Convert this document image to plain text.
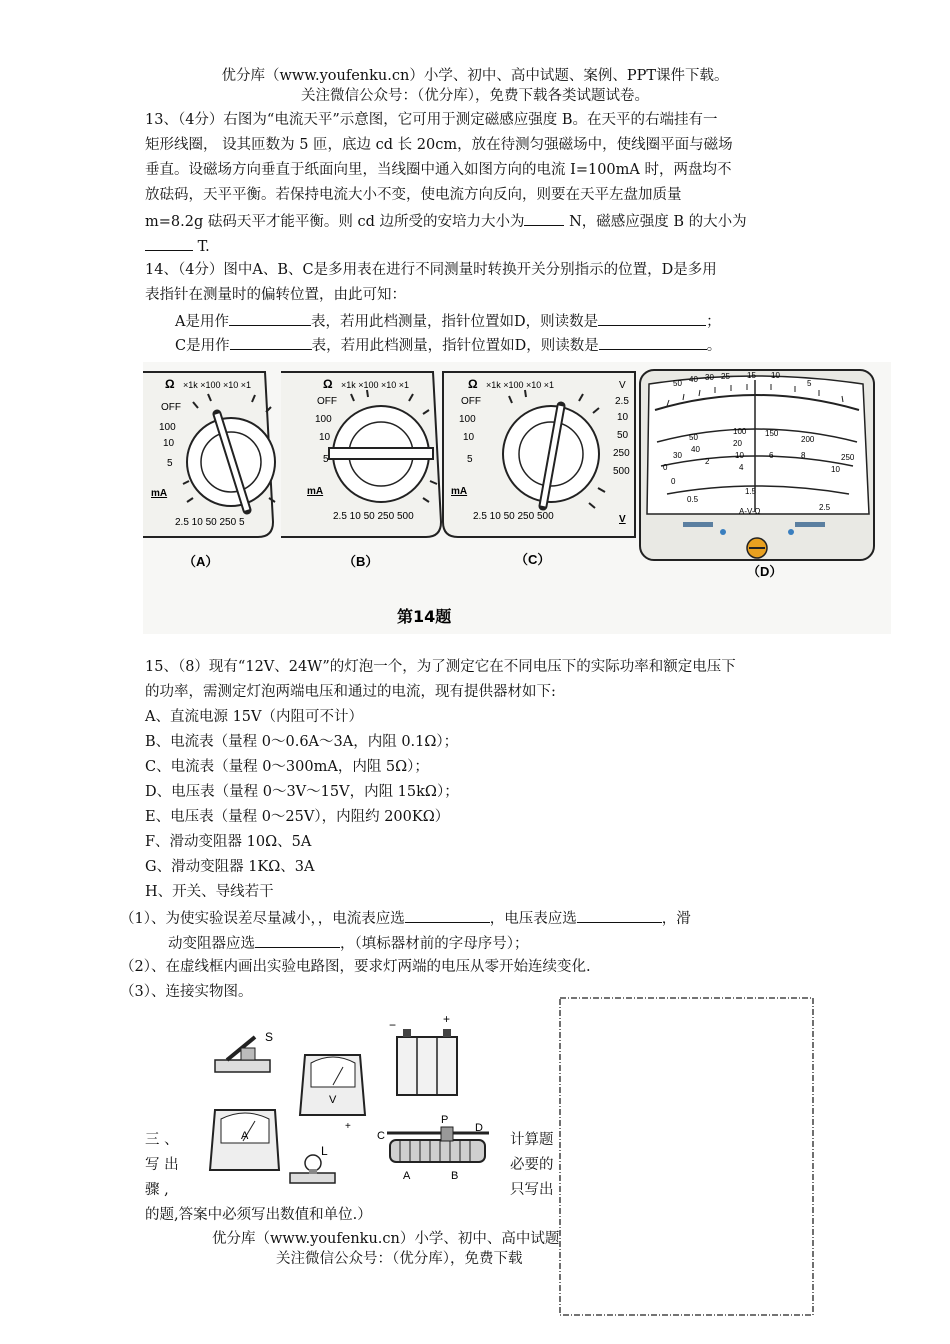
优分库（www.youfenku.cn）小学、初中、高中试题、案例、PPT课件下载。
关注微信公众号：（优分库），免费下载各类试题试卷。
13、（4分）右图为“电流天平”示意图，它可用于测定磁感应强度 B。在天平的右端挂有一
矩形线圈， 设其匝数为 5 匝，底边 cd 长 20cm，放在待测匀强磁场中，使线圈平面与磁场
垂直。设磁场方向垂直于纸面向里，当线圈中通入如图方向的电流 I=100mA 时，两盘均不
放砝码，天平平衡。若保持电流大小不变，使电流方向反向，则要在天平左盘加质量
m=8.2g 砝码天平才能平衡。则 cd 边所受的安培力大小为	N，磁感应强度 B 的大小为
T.
14、（4分）图中A、B、C是多用表在进行不同测量时转换开关分别指示的位置，D是多用
表指针在测量时的偏转位置，由此可知：
A是用作	表，若用此档测量，指针位置如D，则读数是	；
C是用作	表，若用此档测量，指针位置如D，则读数是	。
Ω ×1k ×100 ×10 ×1
OFF
100
10
5
mA
2.5 10 50 250 5
（A）
Ω ×1k ×100 ×10 ×1
OFF
100
10
5
mA
2.5 10 50 250 500
（B）
Ω ×1k ×100 ×10 ×1	V
OFF
100
10
5
mA
2.5 10 50 250 500	V
2.5
10
50
250
500
（C）
50 40 30 25 15 10
5
50
40
30
20
10
0
100 150
200
250
2
4
6	8
10
0
0.5
1.5
2.5
A-V-Ω
（D）
第14题
15、（8）现有“12V、24W”的灯泡一个，为了测定它在不同电压下的实际功率和额定电压下
的功率，需测定灯泡两端电压和通过的电流，现有提供器材如下:
A、直流电源 15V（内阻可不计）
B、电流表（量程 0～0.6A～3A，内阻 0.1Ω）；
C、电流表（量程 0～300mA，内阻 5Ω）；
D、电压表（量程 0～3V～15V，内阻 15kΩ）；
E、电压表（量程 0～25V），内阻约 200KΩ）
F、滑动变阻器 10Ω、5A
G、滑动变阻器 1KΩ、3A
H、开关、导线若干
（1）、为使实验误差尽量减小，，电流表应选	，电压表应选	，滑
动变阻器应选	，（填标器材前的字母序号）；
（2）、在虚线框内画出实验电路图，要求灯两端的电压从零开始连续变化.
（3）、连接实物图。
S
V
+
−	+
A
L
C
P
D
A	B
三 、	计算题
写 出	必要的
骤 ,	只写出
的题,答案中必须写出数值和单位.）
优分库（www.youfenku.cn）小学、初中、高中试题
关注微信公众号：（优分库），免费下载
